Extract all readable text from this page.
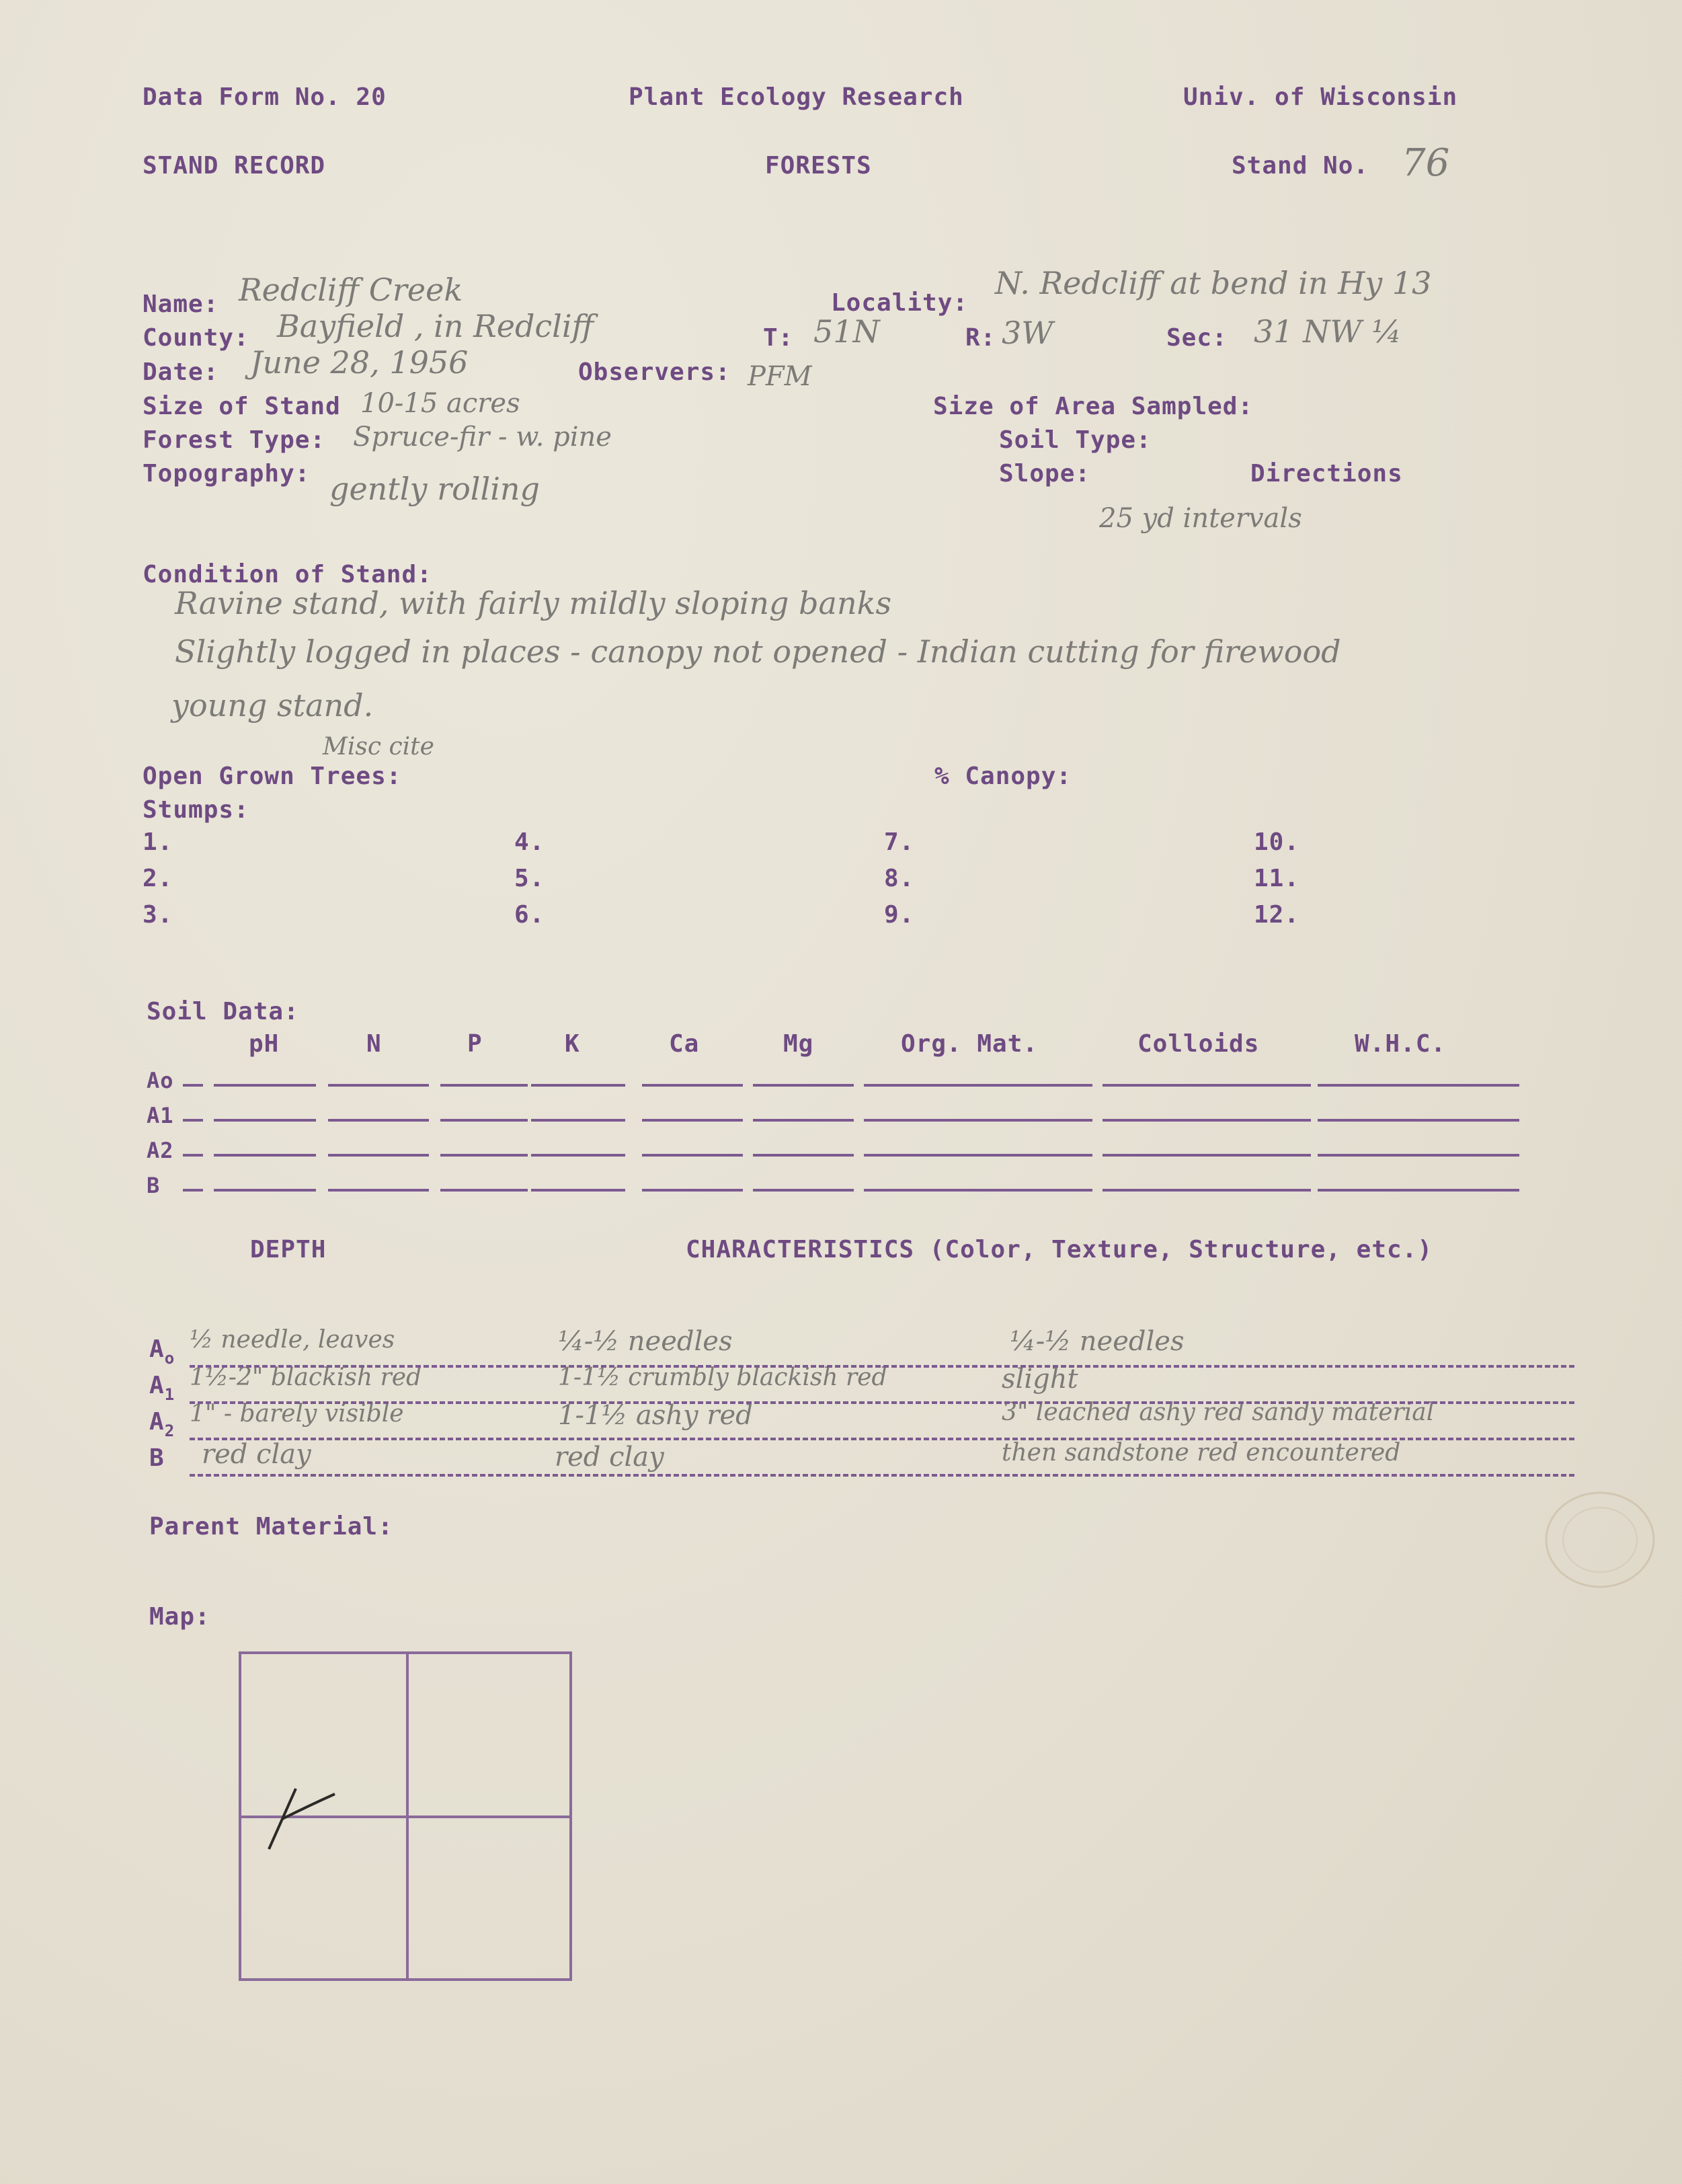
Data Form No. 20	Plant Ecology Research	Univ. of Wisconsin
STAND RECORD	FORESTS	Stand No. 76
Name: Redcliff Creek
County: Bayfield , in Redcliff
Date: June 28, 1956	Observers: PFM
Size of Stand 10-15 acres
Forest Type: Spruce-fir - w. pine
Topography: gently rolling
Locality:
N. Redcliff at bend in Hy 13
T: 51N	R: 3W	Sec: 31 NW ¼
Size of Area Sampled:
Soil Type:
Slope:	Directions
25 yd intervals
Condition of Stand:
Ravine stand, with fairly mildly sloping banks
Slightly logged in places - canopy not opened - Indian cutting for firewood
young stand.
Misc cite
Open Grown Trees:	% Canopy:
Stumps:
1.
2.
3.
4.
5.
6.
7.
8.
9.
10.
11.
12.
Soil Data:
pH	N	P	K	Ca	Mg	Org. Mat.	Colloids	W.H.C.
Ao
A1
A2
B
DEPTH	CHARACTERISTICS (Color, Texture, Structure, etc.)
$A_o$
½ needle, leaves	¼-½ needles	¼-½ needles
$A_1$
1½-2" blackish red	1-1½ crumbly blackish red	slight
$A_2$
1" - barely visible	1-1½ ashy red	3" leached ashy red sandy material
B red clay	red clay	then sandstone red encountered
Parent Material:
Map:
